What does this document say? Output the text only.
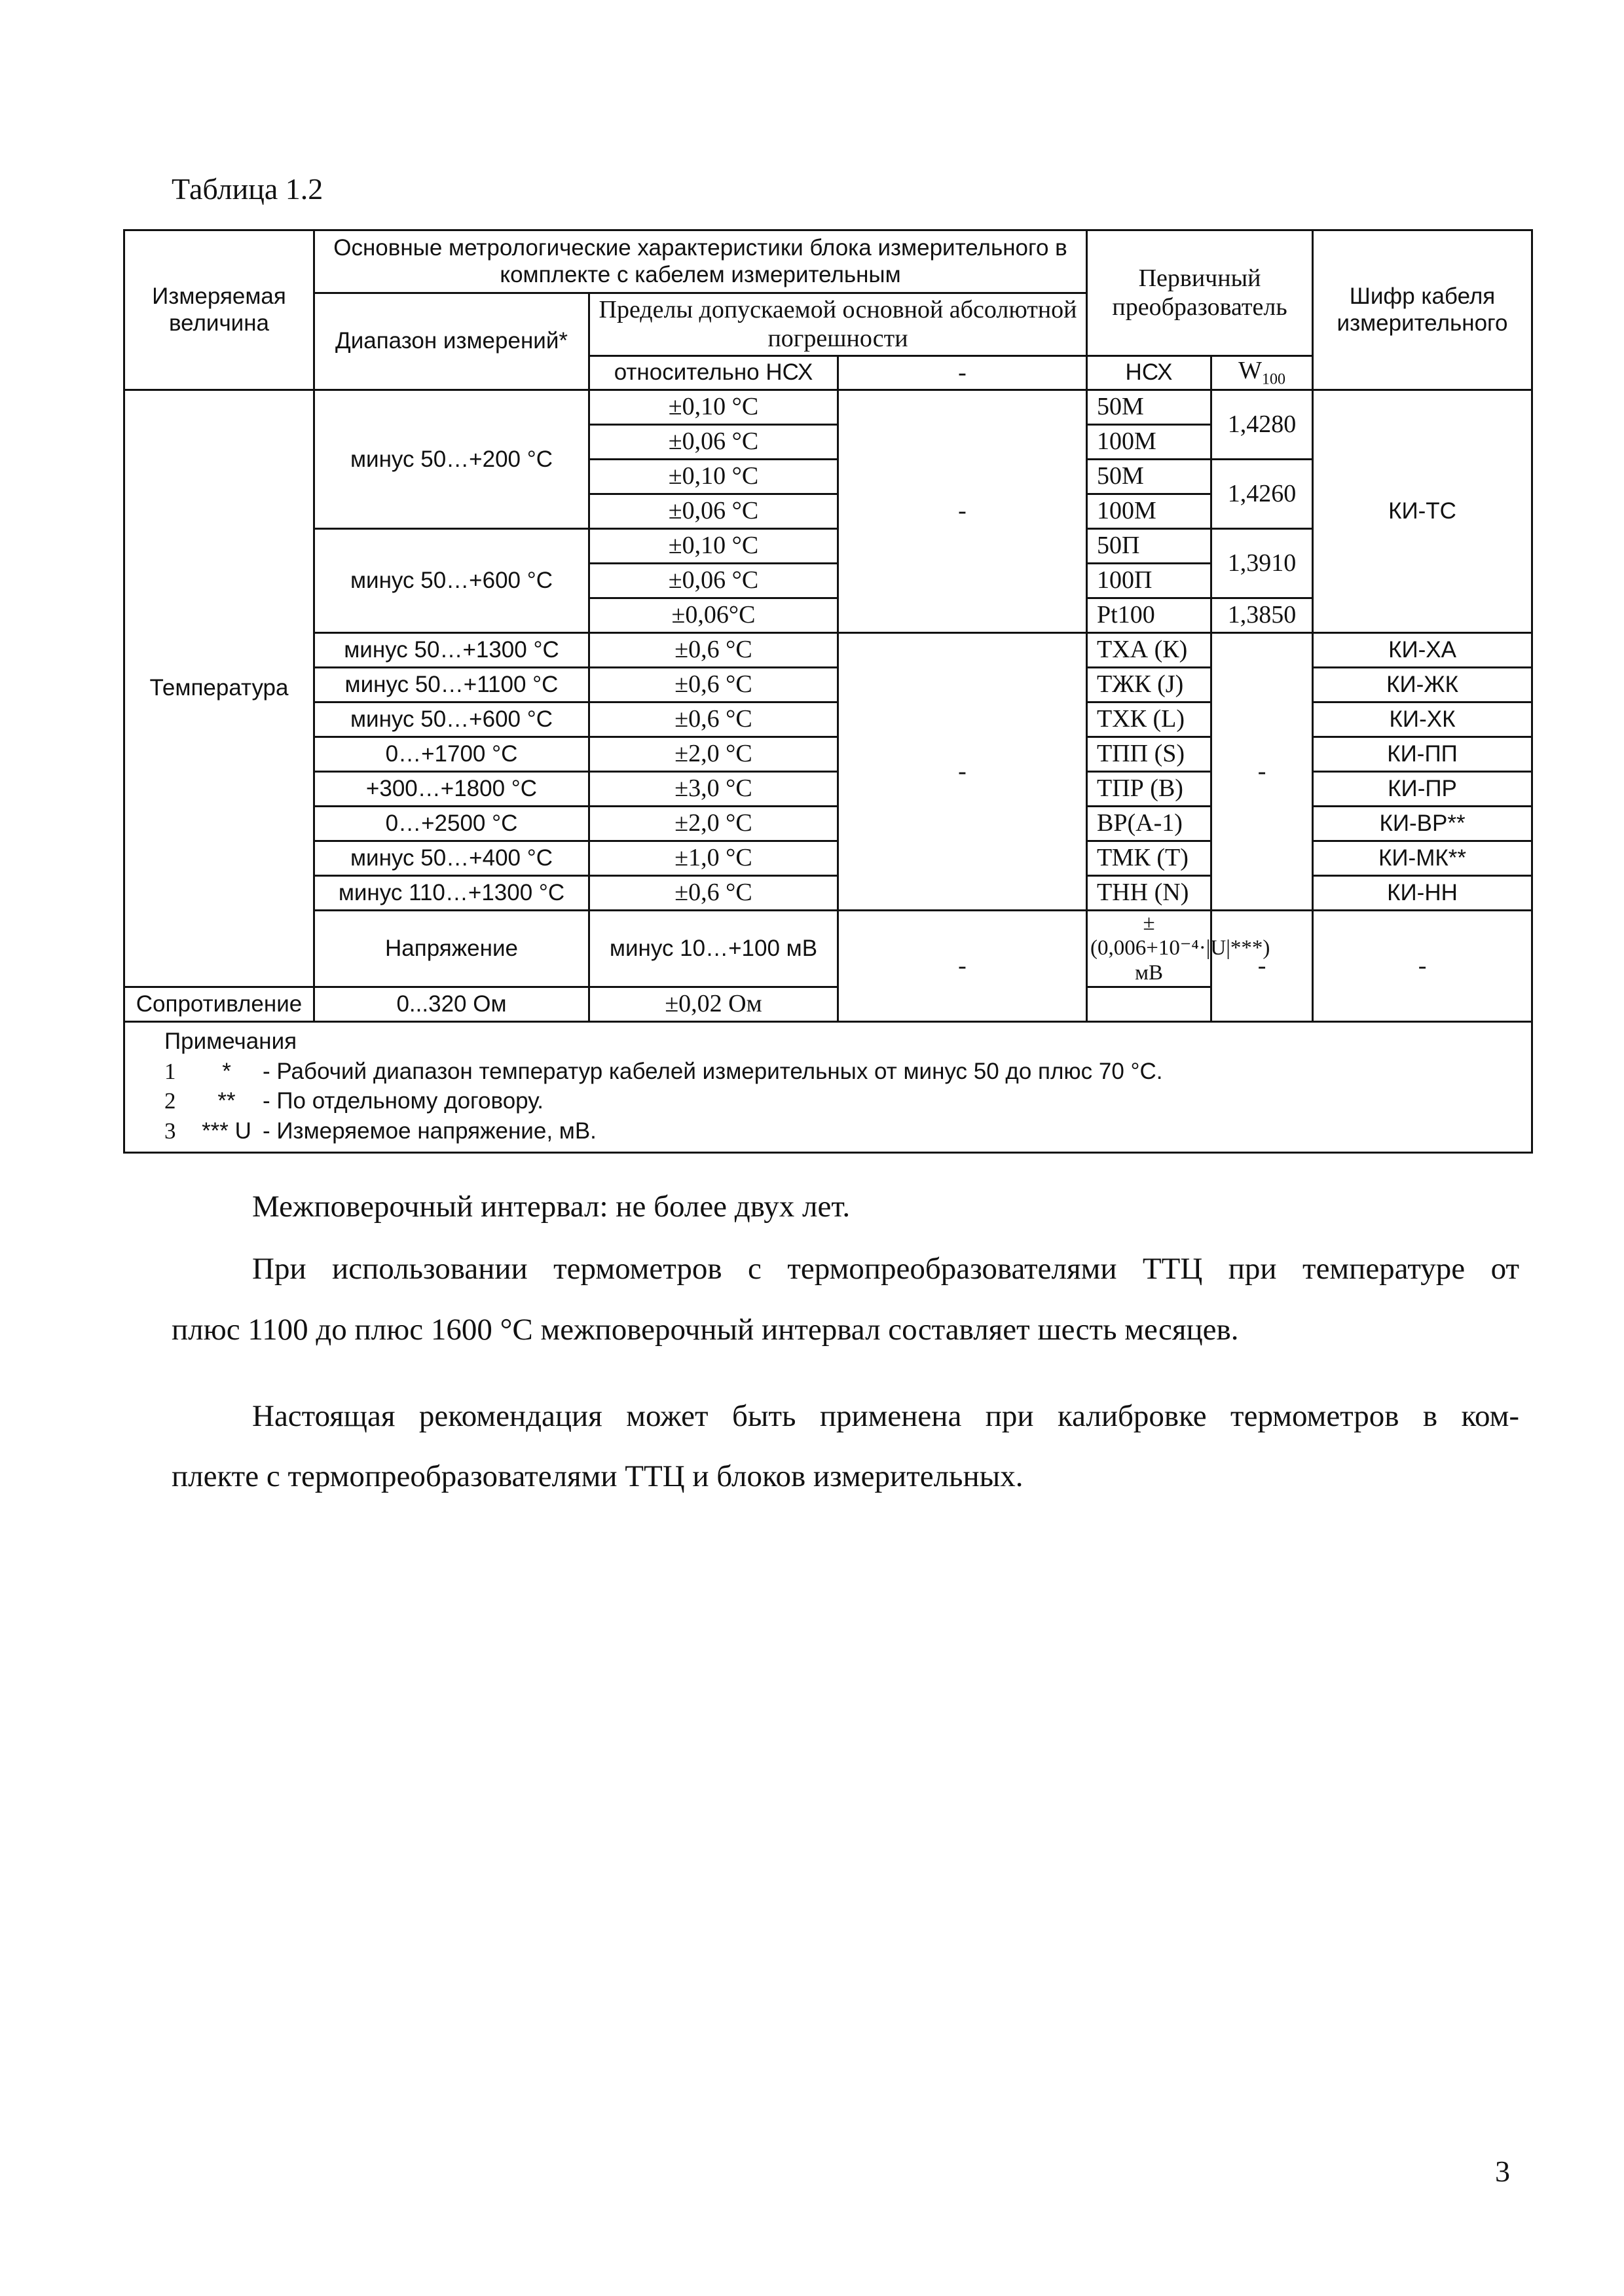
Таблица 1.2
Измеряемая величина	Основные метрологические характеристики блока измерительного в комплекте с кабелем измерительным			Первичный преобразователь		Шифр кабеля измерительного	
	Диапазон измерений*	Пределы допускаемой основной абсолютной погрешности					

		относительно НСХ	-	НСХ	$W_{100}$
Температура	минус 50…+200 °С	±0,10 °С	-	50М	1,4280	КИ-ТС	
		±0,06 °С		100М			
		±0,10 °С		50М	1,4260		
		±0,06 °С		100М			
	минус 50…+600 °С	±0,10 °С		50П	1,3910		
		±0,06 °С		100П			
		±0,06°С		Pt100	1,3850		
	минус 50…+1300 °С	±0,6 °С	-	ТХА (К)	-	КИ-ХА	
	минус 50…+1100 °С	±0,6 °С		ТЖК (J)		КИ-ЖК	
	минус 50…+600 °С	±0,6 °С		ТХК (L)		КИ-ХК	
	0…+1700 °С	±2,0 °С		ТПП (S)		КИ-ПП	
	+300…+1800 °С	±3,0 °С		ТПР (В)		КИ-ПР	
	0…+2500 °С	±2,0 °С		ВР(А-1)		КИ-ВР**	
	минус 50…+400 °С	±1,0 °С		ТМК (Т)		КИ-МК**	
	минус 110…+1300 °С	±0,6 °С		ТНН (N)		КИ-НН	
	Напряжение	минус 10…+100 мВ	-	±(0,006+10⁻⁴·|U|***) мВ	-	-	
Сопротивление	0...320 Ом	±0,02 Ом					

Примечания
1 * - Рабочий диапазон температур кабелей измерительных от минус 50 до плюс 70 °С.
2 ** - По отдельному договору.
3 *** U - Измеряемое напряжение, мВ.							
Межповерочный интервал: не более двух лет.
При использовании термометров с термопреобразователями ТТЦ при температуре от
плюс 1100 до плюс 1600 °С межповерочный интервал составляет шесть месяцев.
Настоящая рекомендация может быть применена при калибровке термометров в ком-
плекте с термопреобразователями ТТЦ и блоков измерительных.
3
